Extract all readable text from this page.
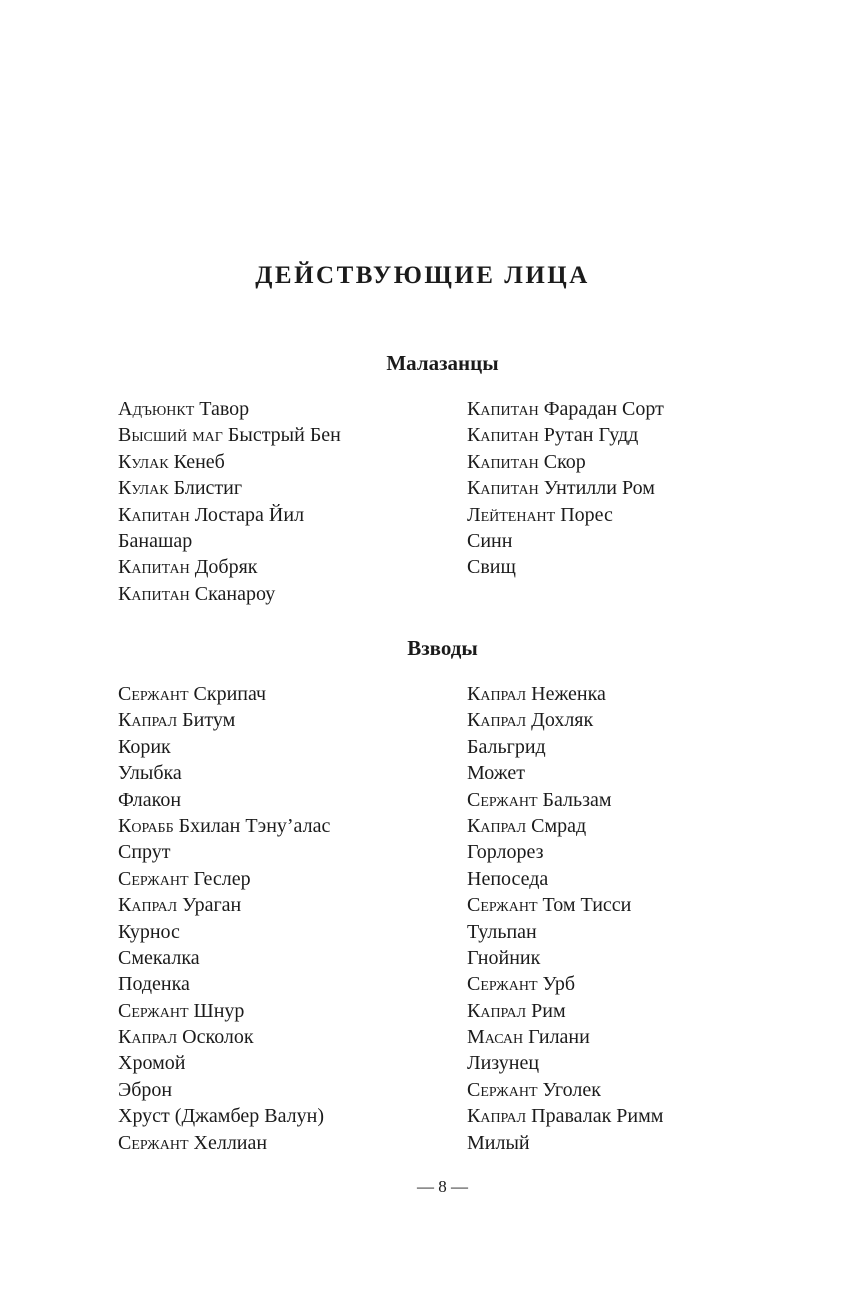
ДЕЙСТВУЮЩИЕ ЛИЦА
Малазанцы
Адъюнкт Тавор
Высший маг Быстрый Бен
Кулак Кенеб
Кулак Блистиг
Капитан Лостара Йил
Банашар
Капитан Добряк
Капитан Сканароу
Капитан Фарадан Сорт
Капитан Рутан Гудд
Капитан Скор
Капитан Унтилли Ром
Лейтенант Порес
Синн
Свищ
Взводы
Сержант Скрипач
Капрал Битум
Корик
Улыбка
Флакон
Корабб Бхилан Тэну’алас
Спрут
Сержант Геслер
Капрал Ураган
Курнос
Смекалка
Поденка
Сержант Шнур
Капрал Осколок
Хромой
Эброн
Хруст (Джамбер Валун)
Сержант Хеллиан
Капрал Неженка
Капрал Дохляк
Бальгрид
Может
Сержант Бальзам
Капрал Смрад
Горлорез
Непоседа
Сержант Том Тисси
Тульпан
Гнойник
Сержант Урб
Капрал Рим
Масан Гилани
Лизунец
Сержант Уголек
Капрал Правалак Римм
Милый

— 8 —
